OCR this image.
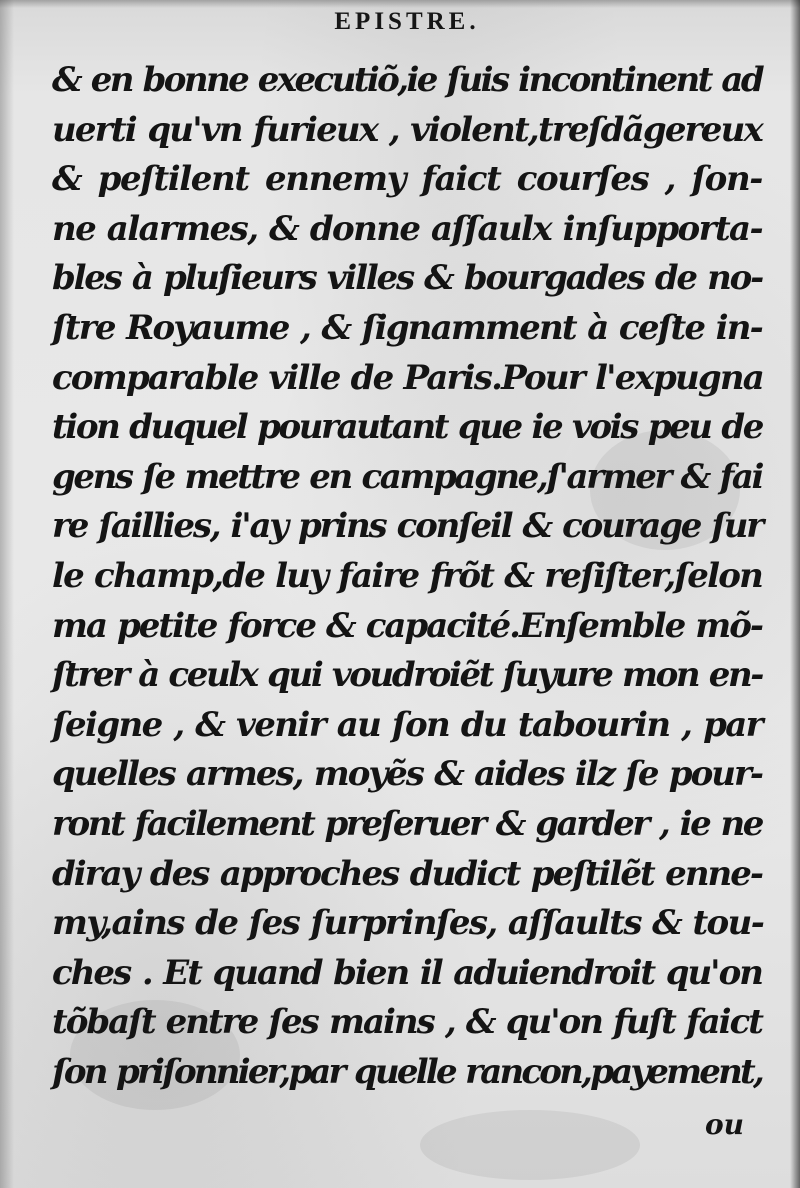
EPISTRE.
& en bonne executiõ,ie ſuis incontinent ad
uerti qu'vn furieux , violent,treſdãgereux
& peſtilent ennemy faict courſes , ſon-
ne alarmes, & donne aſſaulx inſupporta-
bles à pluſieurs villes & bourgades de no-
ſtre Royaume , & ſignamment à ceſte in-
comparable ville de Paris.Pour l'expugna
tion duquel pourautant que ie vois peu de
gens ſe mettre en campagne,ſ'armer & fai
re ſaillies, i'ay prins conſeil & courage ſur
le champ,de luy faire frõt & reſiſter,ſelon
ma petite force & capacité.Enſemble mõ-
ſtrer à ceulx qui voudroiẽt ſuyure mon en-
ſeigne , & venir au ſon du tabourin , par
quelles armes, moyẽs & aides ilz ſe pour-
ront facilement preſeruer & garder , ie ne
diray des approches dudict peſtilẽt enne-
my,ains de ſes ſurprinſes, aſſaults & tou-
ches . Et quand bien il aduiendroit qu'on
tõbaſt entre ſes mains , & qu'on fuſt faict
ſon priſonnier,par quelle rancon,payement,

ou
